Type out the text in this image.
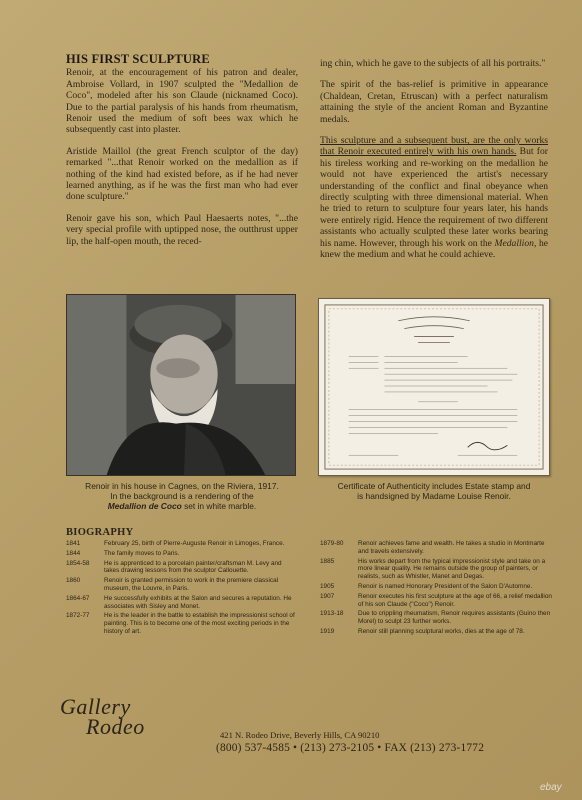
HIS FIRST SCULPTURE

Renoir, at the encouragement of his patron and dealer, Ambroise Vollard, in 1907 sculpted the "Medallion de Coco", modeled after his son Claude (nicknamed Coco). Due to the partial paralysis of his hands from rheumatism, Renoir used the medium of soft bees wax which he subsequently cast into plaster.

Aristide Maillol (the great French sculptor of the day) remarked "...that Renoir worked on the medallion as if nothing of the kind had existed before, as if he had never learned anything, as if he was the first man who had ever done sculpture."

Renoir gave his son, which Paul Haesaerts notes, "...the very special profile with uptipped nose, the outthrust upper lip, the half-open mouth, the reced-

ing chin, which he gave to the subjects of all his portraits."

The spirit of the bas-relief is primitive in appearance (Chaldean, Cretan, Etruscan) with a perfect naturalism attaining the style of the ancient Roman and Byzantine medals.

This sculpture and a subsequent bust, are the only works that Renoir executed entirely with his own hands. But for his tireless working and re-working on the medallion he would not have experienced the artist's necessary understanding of the conflict and final obeyance when directly sculpting with three dimensional material. When he tried to return to sculpture four years later, his hands were entirely rigid. Hence the requirement of two different assistants who actually sculpted these later works bearing his name. However, through his work on the Medallion, he knew the medium and what he could achieve.

Renoir in his house in Cagnes, on the Riviera, 1917.
In the background is a rendering of the
Medallion de Coco set in white marble.
Certificate of Authenticity includes Estate stamp and
is handsigned by Madame Louise Renoir.
BIOGRAPHY
1841	February 25, birth of Pierre-Auguste Renoir in Limoges, France.
1844	The family moves to Paris.
1854-58	He is apprenticed to a porcelain painter/craftsman M. Levy and takes drawing lessons from the sculptor Callouette.
1860	Renoir is granted permission to work in the premiere classical museum, the Louvre, in Paris.
1864-67	He successfully exhibits at the Salon and secures a reputation. He associates with Sisley and Monet.
1872-77	He is the leader in the battle to establish the impressionist school of painting. This is to become one of the most exciting periods in the history of art.
1879-80	Renoir achieves fame and wealth. He takes a studio in Montmarte and travels extensively.
1885	His works depart from the typical impressionist style and take on a more linear quality. He remains outside the group of painters, or realists, such as Whistler, Manet and Degas.
1905	Renoir is named Honorary President of the Salon D'Automne.
1907	Renoir executes his first sculpture at the age of 66, a relief medallion of his son Claude ("Coco") Renoir.
1913-18	Due to crippling rheumatism, Renoir requires assistants (Guino then Morel) to sculpt 23 further works.
1919	Renoir still planning sculptural works, dies at the age of 78.
Gallery
Rodeo	421 N. Rodeo Drive, Beverly Hills, CA 90210
(800) 537-4585 • (213) 273-2105 • FAX (213) 273-1772
ebay
